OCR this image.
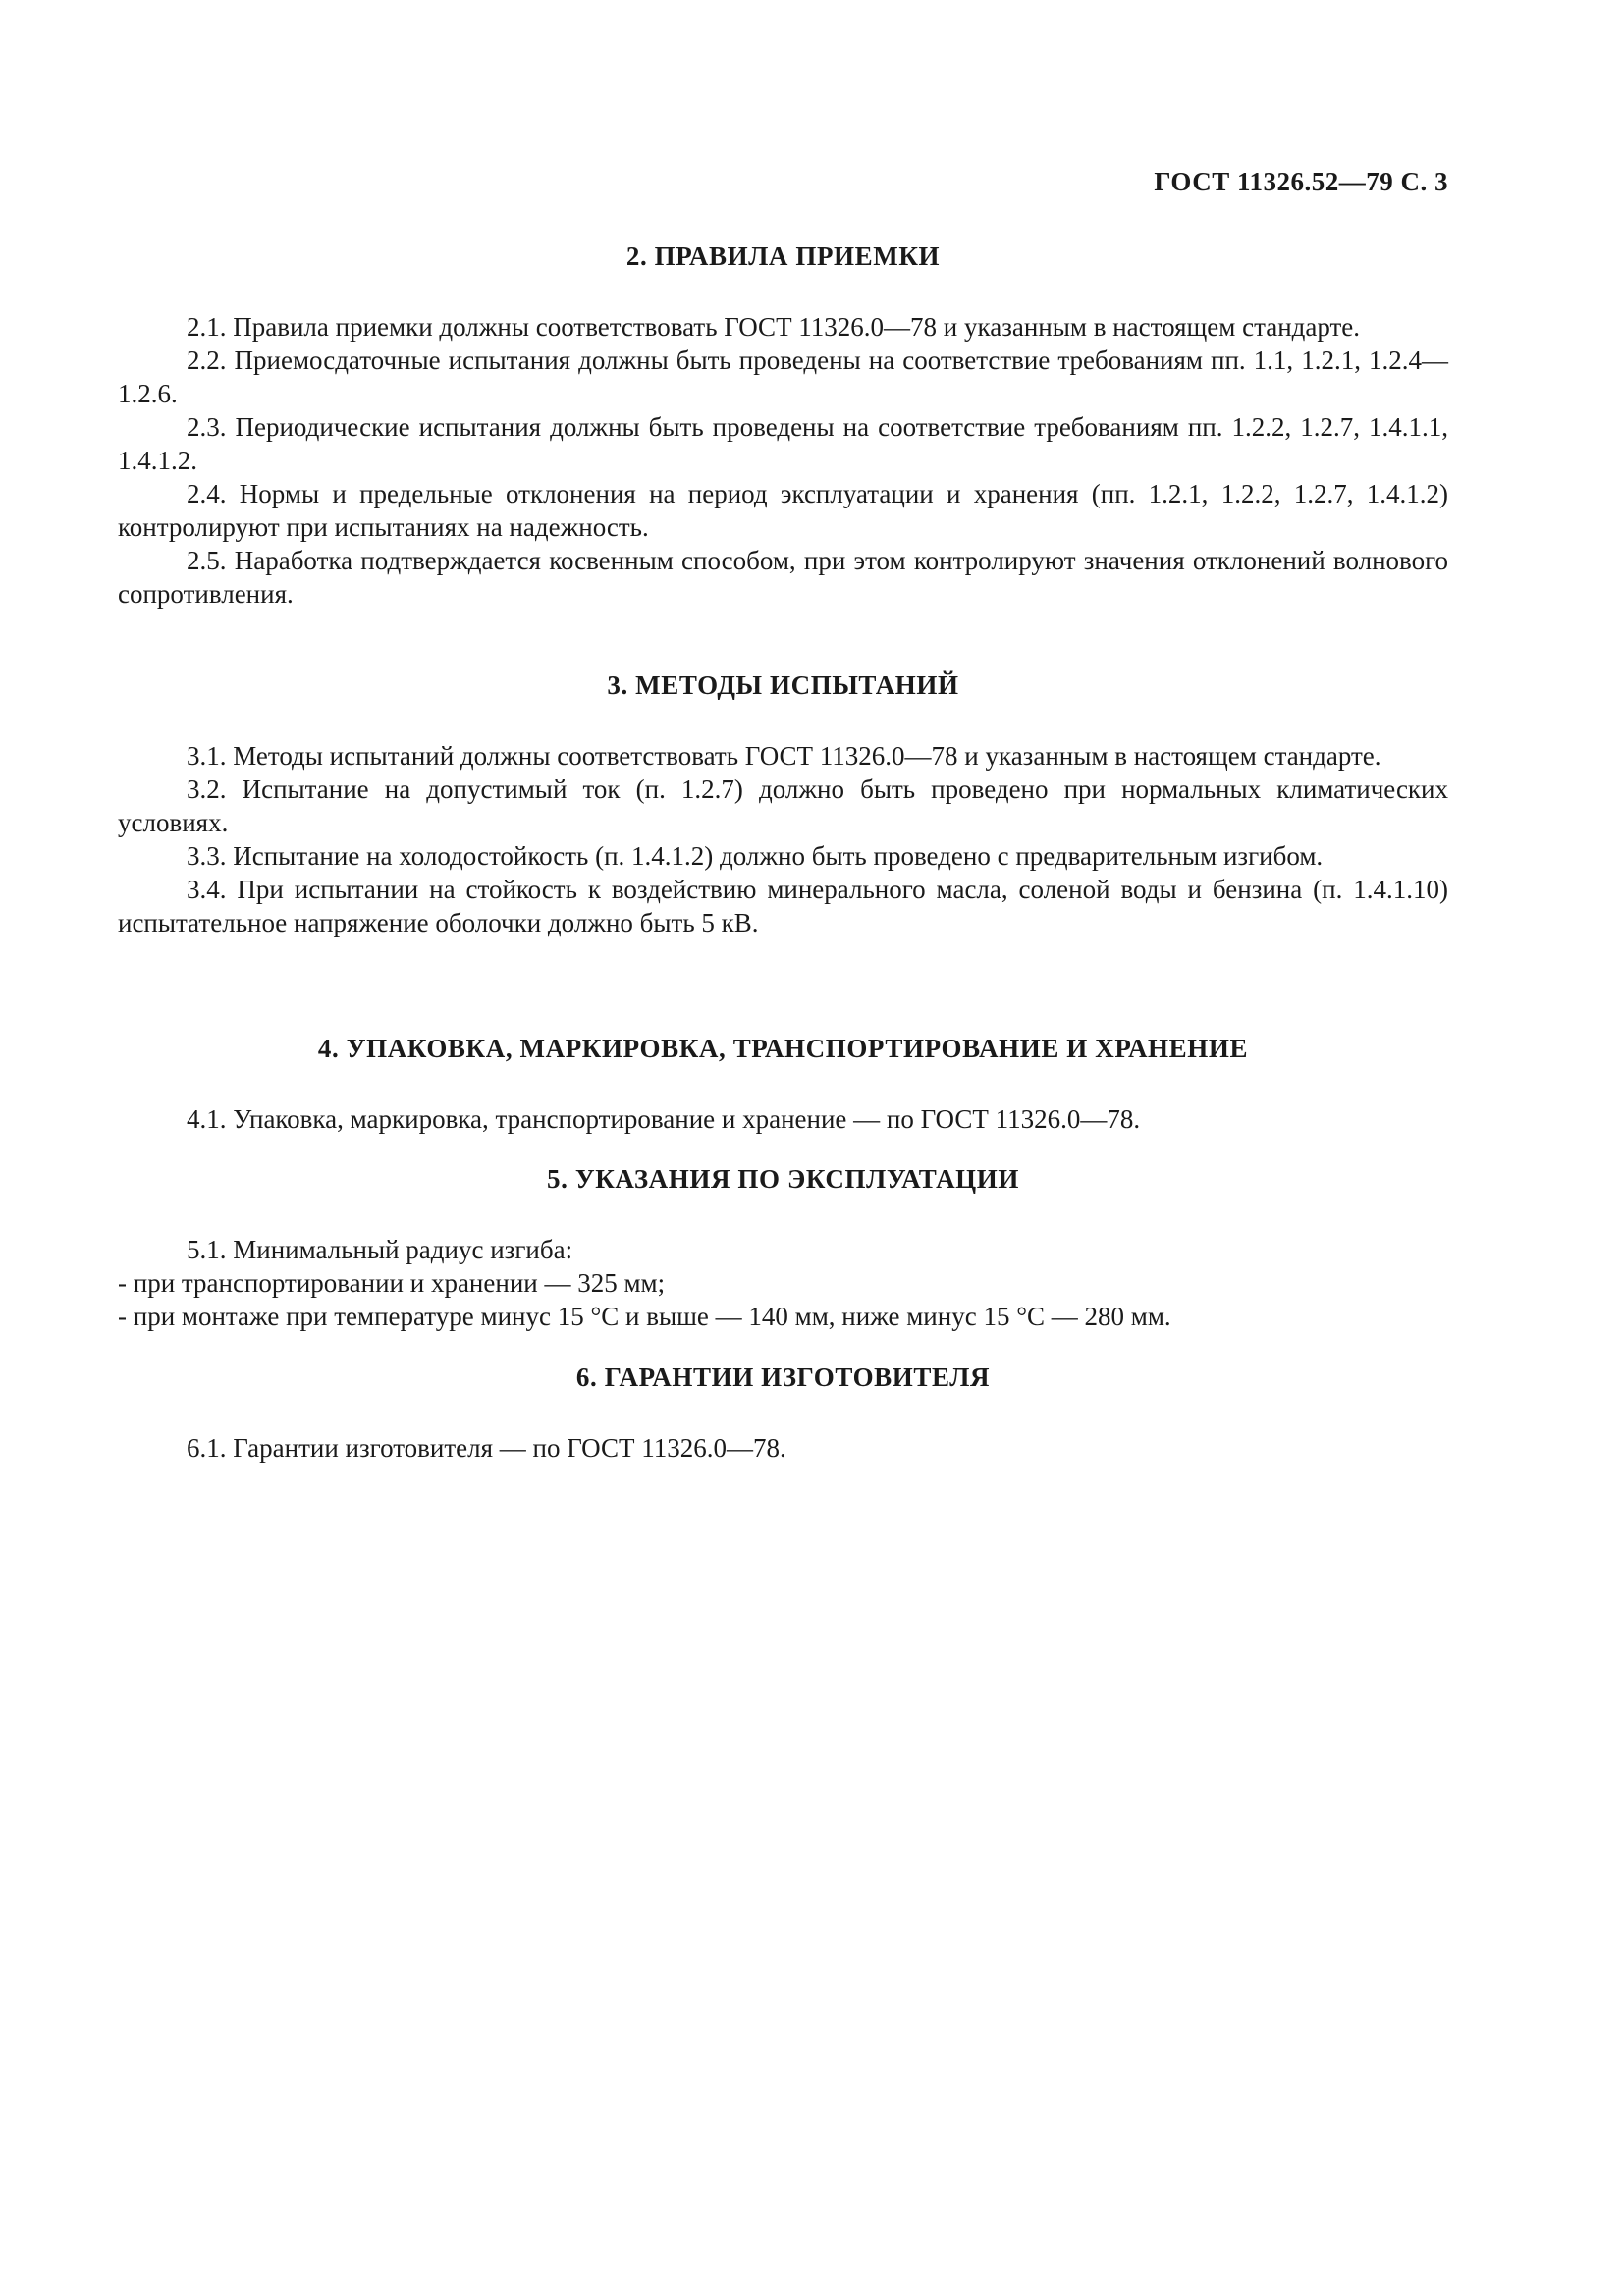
ГОСТ 11326.52—79 С. 3
2. ПРАВИЛА ПРИЕМКИ

2.1. Правила приемки должны соответствовать ГОСТ 11326.0—78 и указанным в настоящем стандарте.

2.2. Приемосдаточные испытания должны быть проведены на соответствие требованиям пп. 1.1, 1.2.1, 1.2.4—1.2.6.

2.3. Периодические испытания должны быть проведены на соответствие требованиям пп. 1.2.2, 1.2.7, 1.4.1.1, 1.4.1.2.

2.4. Нормы и предельные отклонения на период эксплуатации и хранения (пп. 1.2.1, 1.2.2, 1.2.7, 1.4.1.2) контролируют при испытаниях на надежность.

2.5. Наработка подтверждается косвенным способом, при этом контролируют значения отклонений волнового сопротивления.

3. МЕТОДЫ ИСПЫТАНИЙ

3.1. Методы испытаний должны соответствовать ГОСТ 11326.0—78 и указанным в настоящем стандарте.

3.2. Испытание на допустимый ток (п. 1.2.7) должно быть проведено при нормальных климатических условиях.

3.3. Испытание на холодостойкость (п. 1.4.1.2) должно быть проведено с предварительным изгибом.

3.4. При испытании на стойкость к воздействию минерального масла, соленой воды и бензина (п. 1.4.1.10) испытательное напряжение оболочки должно быть 5 кВ.

4. УПАКОВКА, МАРКИРОВКА, ТРАНСПОРТИРОВАНИЕ И ХРАНЕНИЕ

4.1. Упаковка, маркировка, транспортирование и хранение — по ГОСТ 11326.0—78.

5. УКАЗАНИЯ ПО ЭКСПЛУАТАЦИИ

5.1. Минимальный радиус изгиба:

- при транспортировании и хранении — 325 мм;

- при монтаже при температуре минус 15 °С и выше — 140 мм, ниже минус 15 °С — 280 мм.

6. ГАРАНТИИ ИЗГОТОВИТЕЛЯ

6.1. Гарантии изготовителя — по ГОСТ 11326.0—78.
